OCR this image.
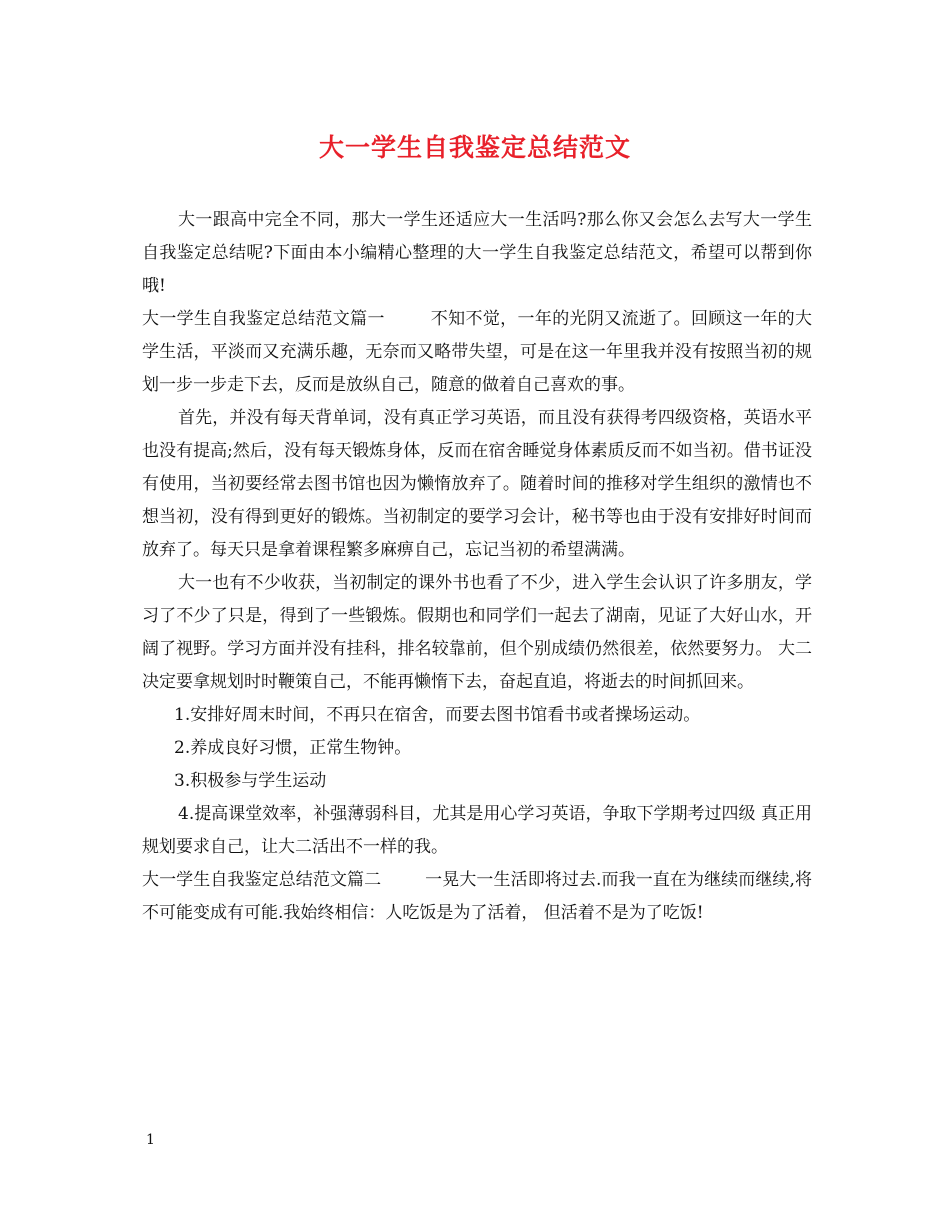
大一学生自我鉴定总结范文

大一跟高中完全不同，那大一学生还适应大一生活吗?那么你又会怎么去写大一学生自我鉴定总结呢?下面由本小编精心整理的大一学生自我鉴定总结范文，希望可以帮到你哦!

大一学生自我鉴定总结范文篇一	不知不觉，一年的光阴又流逝了。回顾这一年的大学生活，平淡而又充满乐趣，无奈而又略带失望，可是在这一年里我并没有按照当初的规划一步一步走下去，反而是放纵自己，随意的做着自己喜欢的事。

首先，并没有每天背单词，没有真正学习英语，而且没有获得考四级资格，英语水平也没有提高;然后，没有每天锻炼身体，反而在宿舍睡觉身体素质反而不如当初。借书证没有使用，当初要经常去图书馆也因为懒惰放弃了。随着时间的推移对学生组织的激情也不想当初，没有得到更好的锻炼。当初制定的要学习会计，秘书等也由于没有安排好时间而放弃了。每天只是拿着课程繁多麻痹自己，忘记当初的希望满满。

大一也有不少收获，当初制定的课外书也看了不少，进入学生会认识了许多朋友，学习了不少了只是，得到了一些锻炼。假期也和同学们一起去了湖南，见证了大好山水，开阔了视野。学习方面并没有挂科，排名较靠前，但个别成绩仍然很差，依然要努力。 大二决定要拿规划时时鞭策自己，不能再懒惰下去，奋起直追，将逝去的时间抓回来。

1.安排好周末时间，不再只在宿舍，而要去图书馆看书或者操场运动。

2.养成良好习惯，正常生物钟。

3.积极参与学生运动

4.提高课堂效率，补强薄弱科目，尤其是用心学习英语，争取下学期考过四级 真正用规划要求自己，让大二活出不一样的我。

大一学生自我鉴定总结范文篇二	一晃大一生活即将过去.而我一直在为继续而继续,将不可能变成有可能.我始终相信：人吃饭是为了活着， 但活着不是为了吃饭!

1
